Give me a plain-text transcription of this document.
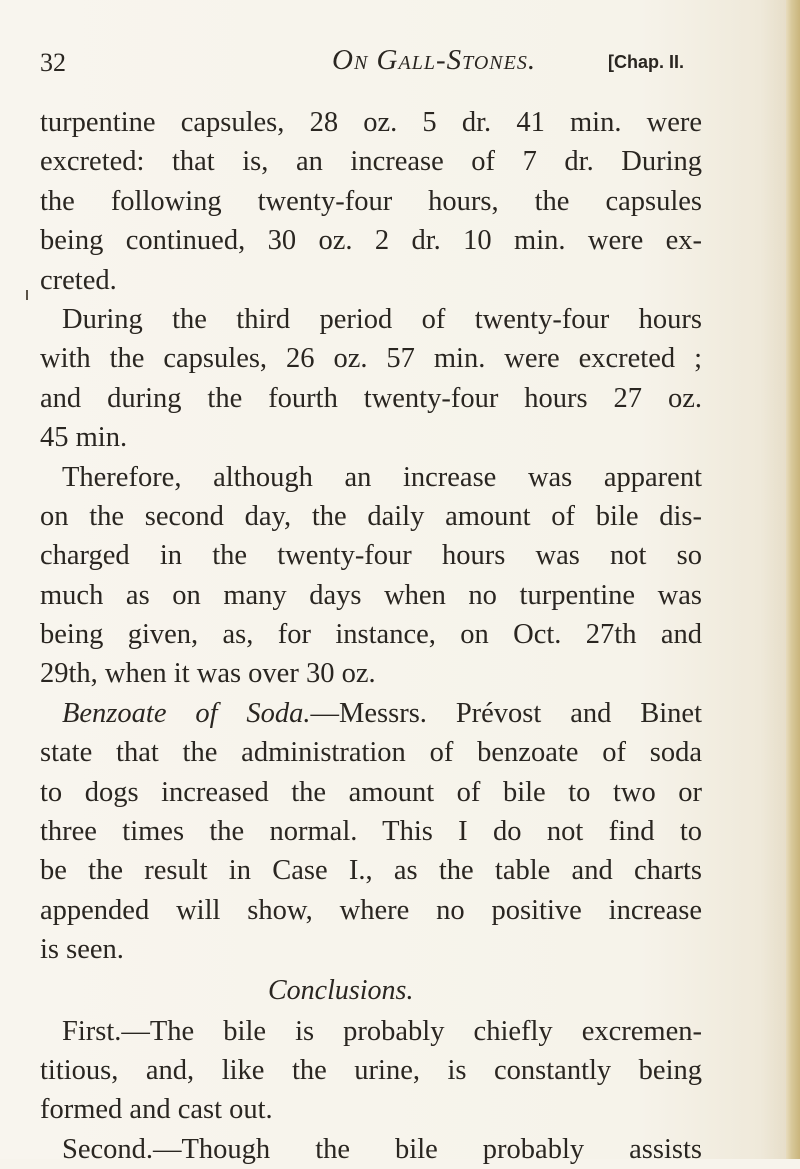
32	On Gall-Stones.	[Chap. II.
turpentine capsules, 28 oz. 5 dr. 41 min. were
excreted: that is, an increase of 7 dr. During
the following twenty-four hours, the capsules
being continued, 30 oz. 2 dr. 10 min. were ex-
creted.
During the third period of twenty-four hours
with the capsules, 26 oz. 57 min. were excreted ;
and during the fourth twenty-four hours 27 oz.
45 min.
Therefore, although an increase was apparent
on the second day, the daily amount of bile dis-
charged in the twenty-four hours was not so
much as on many days when no turpentine was
being given, as, for instance, on Oct. 27th and
29th, when it was over 30 oz.
Benzoate of Soda.—Messrs. Prévost and Binet
state that the administration of benzoate of soda
to dogs increased the amount of bile to two or
three times the normal. This I do not find to
be the result in Case I., as the table and charts
appended will show, where no positive increase
is seen.
Conclusions.
First.—The bile is probably chiefly excremen-
titious, and, like the urine, is constantly being
formed and cast out.
Second.—Though the bile probably assists
